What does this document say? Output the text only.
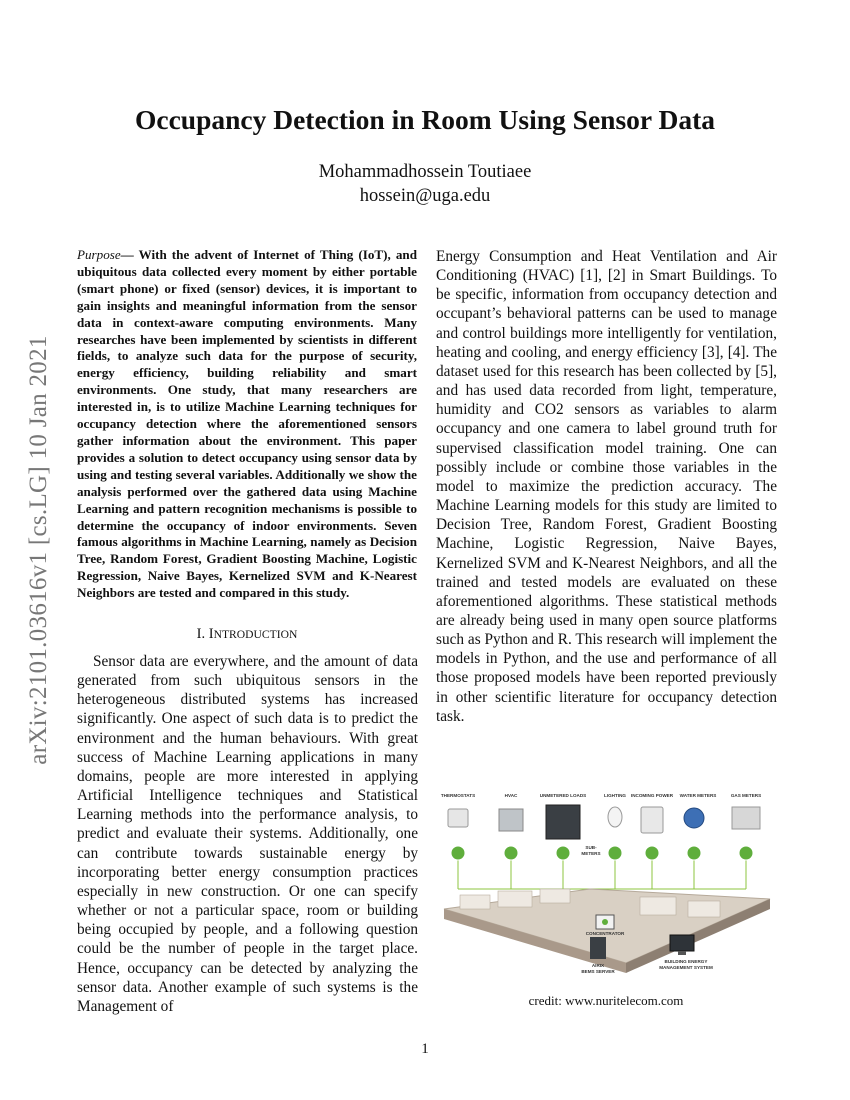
arXiv:2101.03616v1 [cs.LG] 10 Jan 2021
Occupancy Detection in Room Using Sensor Data
Mohammadhossein Toutiaee
hossein@uga.edu
Purpose— With the advent of Internet of Thing (IoT), and ubiquitous data collected every moment by either portable (smart phone) or fixed (sensor) devices, it is important to gain insights and meaningful information from the sensor data in context-aware computing environments. Many researches have been implemented by scientists in different fields, to analyze such data for the purpose of security, energy efficiency, building reliability and smart environments. One study, that many researchers are interested in, is to utilize Machine Learning techniques for occupancy detection where the aforementioned sensors gather information about the environment. This paper provides a solution to detect occupancy using sensor data by using and testing several variables. Additionally we show the analysis performed over the gathered data using Machine Learning and pattern recognition mechanisms is possible to determine the occupancy of indoor environments. Seven famous algorithms in Machine Learning, namely as Decision Tree, Random Forest, Gradient Boosting Machine, Logistic Regression, Naive Bayes, Kernelized SVM and K-Nearest Neighbors are tested and compared in this study.
I. INTRODUCTION
Sensor data are everywhere, and the amount of data generated from such ubiquitous sensors in the heterogeneous distributed systems has increased significantly. One aspect of such data is to predict the environment and the human behaviours. With great success of Machine Learning applications in many domains, people are more interested in applying Artificial Intelligence techniques and Statistical Learning methods into the performance analysis, to predict and evaluate their systems. Additionally, one can contribute towards sustainable energy by incorporating better energy consumption practices especially in new construction. Or one can specify whether or not a particular space, room or building being occupied by people, and a following question could be the number of people in the target place. Hence, occupancy can be detected by analyzing the sensor data. Another example of such systems is the Management of
Energy Consumption and Heat Ventilation and Air Conditioning (HVAC) [1], [2] in Smart Buildings. To be specific, information from occupancy detection and occupant’s behavioral patterns can be used to manage and control buildings more intelligently for ventilation, heating and cooling, and energy efficiency [3], [4]. The dataset used for this research has been collected by [5], and has used data recorded from light, temperature, humidity and CO2 sensors as variables to alarm occupancy and one camera to label ground truth for supervised classification model training. One can possibly include or combine those variables in the model to maximize the prediction accuracy. The Machine Learning models for this study are limited to Decision Tree, Random Forest, Gradient Boosting Machine, Logistic Regression, Naive Bayes, Kernelized SVM and K-Nearest Neighbors, and all the trained and tested models are evaluated on these aforementioned algorithms. These statistical methods are already being used in many open source platforms such as Python and R. This research will implement the models in Python, and the use and performance of all those proposed models have been reported previously in other scientific literature for occupancy detection task.
THERMOSTATS	HVAC	UNMETERED LOADS	LIGHTING INCOMING POWER WATER METERS	GAS METERS
SUB-
METERS
CONCENTRATOR
AIRIX
BEMS SERVER
BUILDING ENERGY
MANAGEMENT SYSTEM
credit: www.nuritelecom.com
1
